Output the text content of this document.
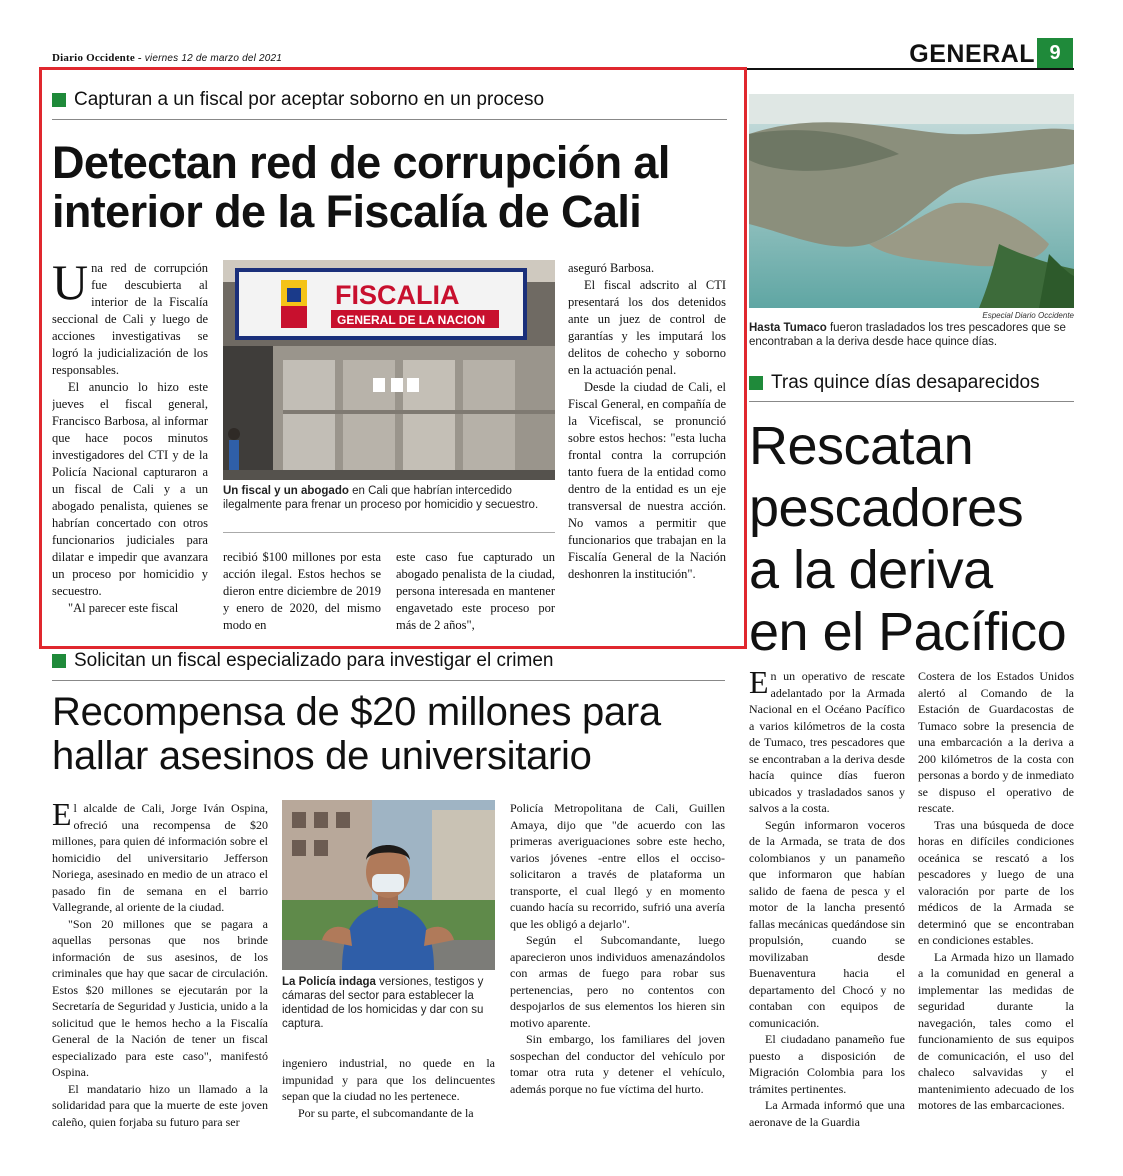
Diario Occidente - viernes 12 de marzo del 2021	GENERAL 9
Capturan a un fiscal por aceptar soborno en un proceso
Detectan red de corrupción al
interior de la Fiscalía de Cali
U na red de corrupción fue descubierta al interior de la Fiscalía seccional de Cali y luego de acciones investigativas se logró la judicialización de los responsables.

El anuncio lo hizo este jueves el fiscal general, Francisco Barbosa, al informar que hace pocos minutos investigadores del CTI y de la Policía Nacional capturaron a un fiscal de Cali y a un abogado penalista, quienes se habrían concertado con otros funcionarios judiciales para dilatar e impedir que avanzara un proceso por homicidio y secuestro.

"Al parecer este fiscal

FISCALIA
GENERAL DE LA NACION
Un fiscal y un abogado en Cali que habrían intercedido ilegalmente para frenar un proceso por homicidio y secuestro.

recibió $100 millones por esta acción ilegal. Estos hechos se dieron entre diciembre de 2019 y enero de 2020, del mismo modo en

este caso fue capturado un abogado penalista de la ciudad, persona interesada en mantener engavetado este proceso por más de 2 años",

aseguró Barbosa.

El fiscal adscrito al CTI presentará los dos detenidos ante un juez de control de garantías y les imputará los delitos de cohecho y soborno en la actuación penal.

Desde la ciudad de Cali, el Fiscal General, en compañía de la Vicefiscal, se pronunció sobre estos hechos: "esta lucha frontal contra la corrupción tanto fuera de la entidad como dentro de la entidad es un eje transversal de nuestra acción. No vamos a permitir que funcionarios que trabajan en la Fiscalía General de la Nación deshonren la institución".

Especial Diario Occidente
Hasta Tumaco fueron trasladados los tres pescadores que se encontraban a la deriva desde hace quince días.
Tras quince días desaparecidos
Rescatan
pescadores
a la deriva
en el Pacífico
E n un operativo de rescate adelantado por la Armada Nacional en el Océano Pacífico a varios kilómetros de la costa de Tumaco, tres pescadores que se encontraban a la deriva desde hacía quince días fueron ubicados y trasladados sanos y salvos a la costa.

Según informaron voceros de la Armada, se trata de dos colombianos y un panameño que informaron que habían salido de faena de pesca y el motor de la lancha presentó fallas mecánicas quedándose sin propulsión, cuando se movilizaban desde Buenaventura hacia el departamento del Chocó y no contaban con equipos de comunicación.

El ciudadano panameño fue puesto a disposición de Migración Colombia para los trámites pertinentes.

La Armada informó que una aeronave de la Guardia

Costera de los Estados Unidos alertó al Comando de la Estación de Guardacostas de Tumaco sobre la presencia de una embarcación a la deriva a 200 kilómetros de la costa con personas a bordo y de inmediato se dispuso el operativo de rescate.

Tras una búsqueda de doce horas en difíciles condiciones oceánica se rescató a los pescadores y luego de una valoración por parte de los médicos de la Armada se determinó que se encontraban en condiciones estables.

La Armada hizo un llamado a la comunidad en general a implementar las medidas de seguridad durante la navegación, tales como el funcionamiento de sus equipos de comunicación, el uso del chaleco salvavidas y el mantenimiento adecuado de los motores de las embarcaciones.

Solicitan un fiscal especializado para investigar el crimen
Recompensa de $20 millones para
hallar asesinos de universitario
E l alcalde de Cali, Jorge Iván Ospina, ofreció una recompensa de $20 millones, para quien dé información sobre el homicidio del universitario Jefferson Noriega, asesinado en medio de un atraco el pasado fin de semana en el barrio Vallegrande, al oriente de la ciudad.

"Son 20 millones que se pagara a aquellas personas que nos brinde información de sus asesinos, de los criminales que hay que sacar de circulación. Estos $20 millones se ejecutarán por la Secretaría de Seguridad y Justicia, unido a la solicitud que le hemos hecho a la Fiscalía General de la Nación de tener un fiscal especializado para este caso", manifestó Ospina.

El mandatario hizo un llamado a la solidaridad para que la muerte de este joven caleño, quien forjaba su futuro para ser

La Policía indaga versiones, testigos y cámaras del sector para establecer la identidad de los homicidas y dar con su captura.

ingeniero industrial, no quede en la impunidad y para que los delincuentes sepan que la ciudad no les pertenece.

Por su parte, el subcomandante de la

Policía Metropolitana de Cali, Guillen Amaya, dijo que "de acuerdo con las primeras averiguaciones sobre este hecho, varios jóvenes -entre ellos el occiso- solicitaron a través de plataforma un transporte, el cual llegó y en momento cuando hacía su recorrido, sufrió una avería que les obligó a dejarlo".

Según el Subcomandante, luego aparecieron unos individuos amenazándolos con armas de fuego para robar sus pertenencias, pero no contentos con despojarlos de sus elementos los hieren sin motivo aparente.

Sin embargo, los familiares del joven sospechan del conductor del vehículo por tomar otra ruta y detener el vehículo, además porque no fue víctima del hurto.
